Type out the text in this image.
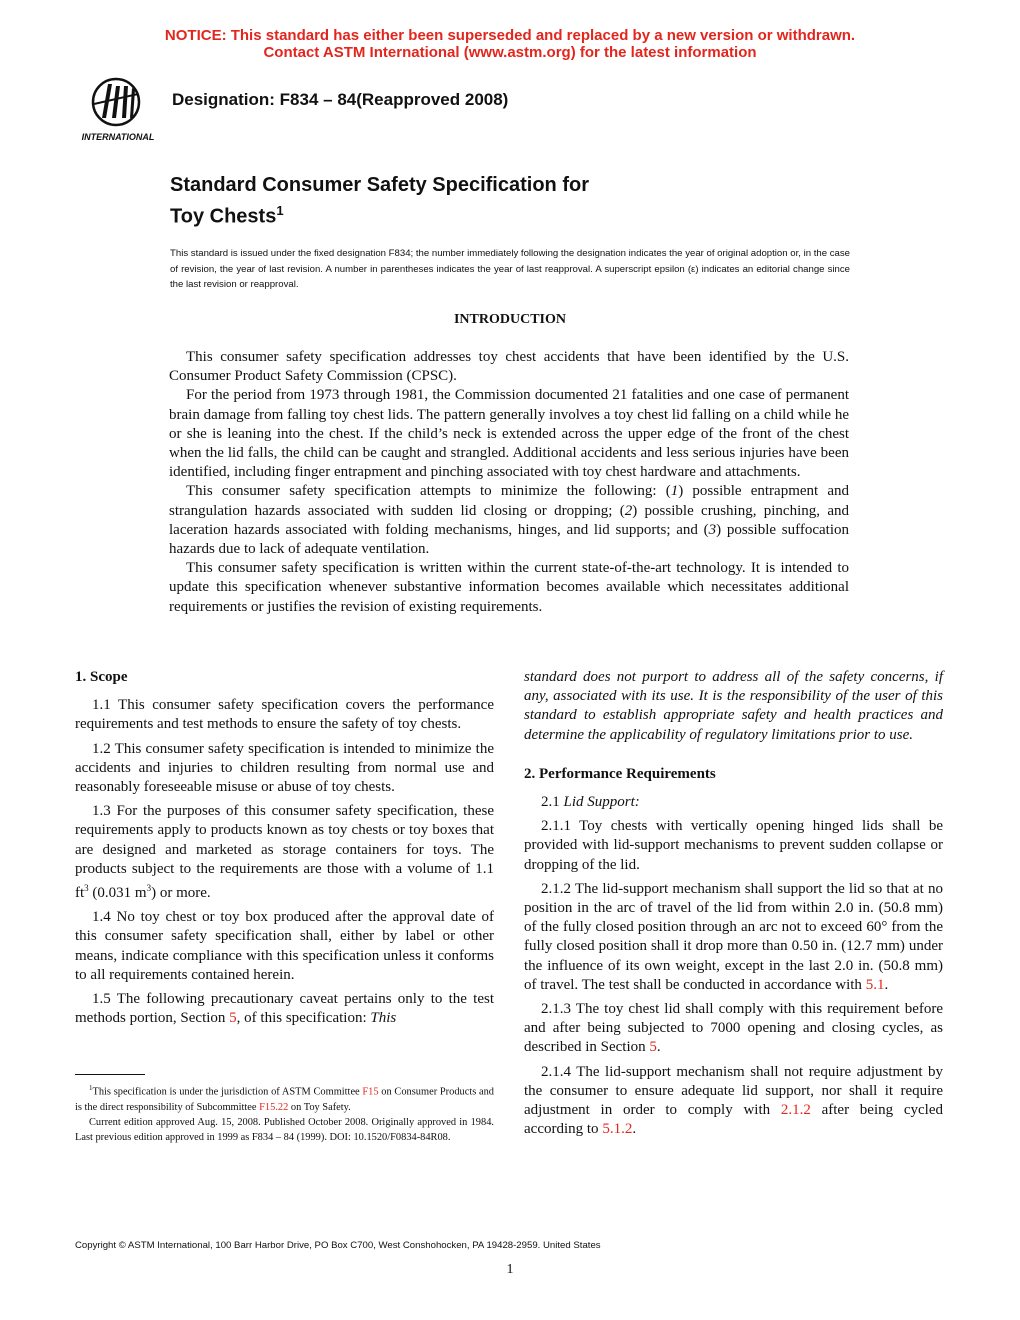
NOTICE: This standard has either been superseded and replaced by a new version or withdrawn.
Contact ASTM International (www.astm.org) for the latest information
INTERNATIONAL
Designation: F834 – 84(Reapproved 2008)
Standard Consumer Safety Specification for
Toy Chests$^1$
This standard is issued under the fixed designation F834; the number immediately following the designation indicates the year of original adoption or, in the case of revision, the year of last revision. A number in parentheses indicates the year of last reapproval. A superscript epsilon (ε) indicates an editorial change since the last revision or reapproval.
INTRODUCTION

This consumer safety specification addresses toy chest accidents that have been identified by the U.S. Consumer Product Safety Commission (CPSC).

For the period from 1973 through 1981, the Commission documented 21 fatalities and one case of permanent brain damage from falling toy chest lids. The pattern generally involves a toy chest lid falling on a child while he or she is leaning into the chest. If the child’s neck is extended across the upper edge of the front of the chest when the lid falls, the child can be caught and strangled. Additional accidents and less serious injuries have been identified, including finger entrapment and pinching associated with toy chest hardware and attachments.

This consumer safety specification attempts to minimize the following: (1) possible entrapment and strangulation hazards associated with sudden lid closing or dropping; (2) possible crushing, pinching, and laceration hazards associated with folding mechanisms, hinges, and lid supports; and (3) possible suffocation hazards due to lack of adequate ventilation.

This consumer safety specification is written within the current state-of-the-art technology. It is intended to update this specification whenever substantive information becomes available which necessitates additional requirements or justifies the revision of existing requirements.

1. Scope

1.1 This consumer safety specification covers the performance requirements and test methods to ensure the safety of toy chests.

1.2 This consumer safety specification is intended to minimize the accidents and injuries to children resulting from normal use and reasonably foreseeable misuse or abuse of toy chests.

1.3 For the purposes of this consumer safety specification, these requirements apply to products known as toy chests or toy boxes that are designed and marketed as storage containers for toys. The products subject to the requirements are those with a volume of 1.1 $ft^3$ (0.031 $m^3$) or more.

1.4 No toy chest or toy box produced after the approval date of this consumer safety specification shall, either by label or other means, indicate compliance with this specification unless it conforms to all requirements contained herein.

1.5 The following precautionary caveat pertains only to the test methods portion, Section 5, of this specification: This

$^1$This specification is under the jurisdiction of ASTM Committee F15 on Consumer Products and is the direct responsibility of Subcommittee F15.22 on Toy Safety.

Current edition approved Aug. 15, 2008. Published October 2008. Originally approved in 1984. Last previous edition approved in 1999 as F834 – 84 (1999). DOI: 10.1520/F0834-84R08.

standard does not purport to address all of the safety concerns, if any, associated with its use. It is the responsibility of the user of this standard to establish appropriate safety and health practices and determine the applicability of regulatory limitations prior to use.

2. Performance Requirements

2.1 Lid Support:

2.1.1 Toy chests with vertically opening hinged lids shall be provided with lid-support mechanisms to prevent sudden collapse or dropping of the lid.

2.1.2 The lid-support mechanism shall support the lid so that at no position in the arc of travel of the lid from within 2.0 in. (50.8 mm) of the fully closed position through an arc not to exceed 60° from the fully closed position shall it drop more than 0.50 in. (12.7 mm) under the influence of its own weight, except in the last 2.0 in. (50.8 mm) of travel. The test shall be conducted in accordance with 5.1.

2.1.3 The toy chest lid shall comply with this requirement before and after being subjected to 7000 opening and closing cycles, as described in Section 5.

2.1.4 The lid-support mechanism shall not require adjustment by the consumer to ensure adequate lid support, nor shall it require adjustment in order to comply with 2.1.2 after being cycled according to 5.1.2.

Copyright © ASTM International, 100 Barr Harbor Drive, PO Box C700, West Conshohocken, PA 19428-2959. United States
1
